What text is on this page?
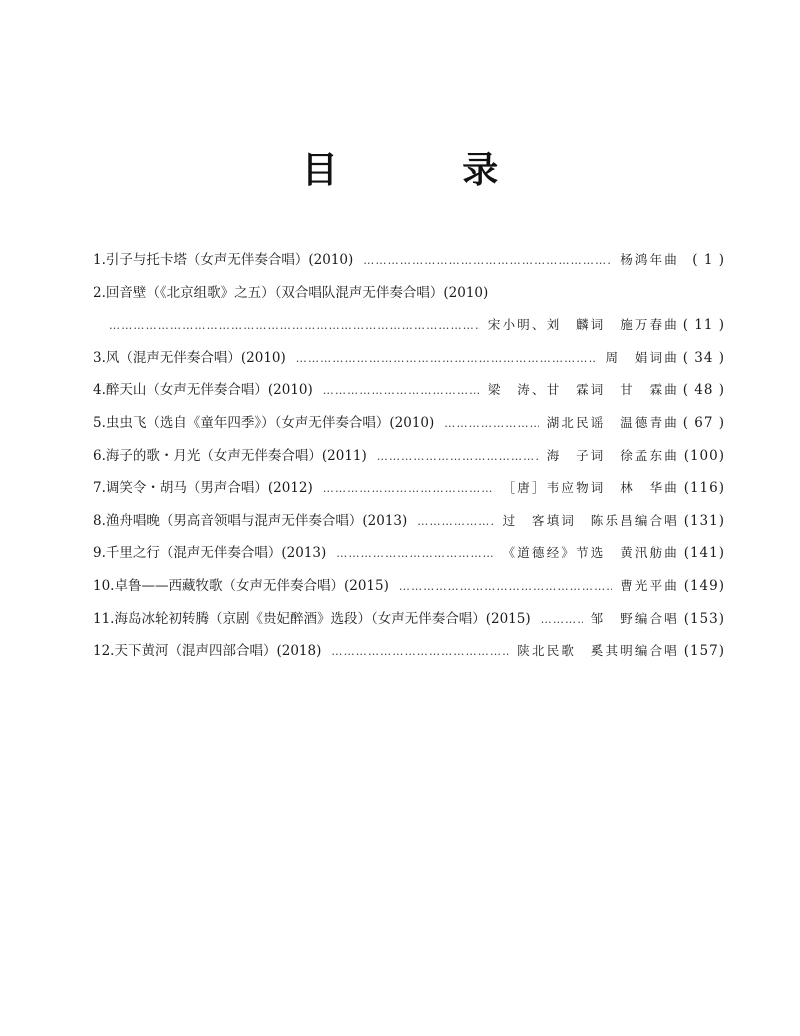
目 录
1. 引子与托卡塔（女声无伴奏合唱）(2010) ……………………………………………………………………………………………………………………………………………………………………………………	杨鸿年曲 ( 1 )
2. 回音壁（《北京组歌》之五）（双合唱队混声无伴奏合唱）(2010)
……………………………………………………………………………………………………………………………………………………………………………………
宋小明、刘　麟词　施万春曲 ( 11 )
3. 风（混声无伴奏合唱）(2010) ……………………………………………………………………………………………………………………………………………………………………………………	周　娟词曲 ( 34 )
4. 醉天山（女声无伴奏合唱）(2010) ……………………………………………………………………………………………………………………………………………………………………………………	梁　涛、甘　霖词　甘　霖曲 ( 48 )
5. 虫虫飞（选自《童年四季》）（女声无伴奏合唱）(2010) ……………………………………………………………………………………………………………………………………………………………………………………	湖北民谣　温德青曲 ( 67 )
6. 海子的歌・月光（女声无伴奏合唱）(2011) ……………………………………………………………………………………………………………………………………………………………………………………	海　子词　徐孟东曲 (100)
7. 调笑令・胡马（男声合唱）(2012) ……………………………………………………………………………………………………………………………………………………………………………………	［唐］韦应物词　林　华曲 (116)
8. 渔舟唱晚（男高音领唱与混声无伴奏合唱）(2013) ……………………………………………………………………………………………………………………………………………………………………………………	过　客填词　陈乐昌编合唱 (131)
9. 千里之行（混声无伴奏合唱）(2013) ……………………………………………………………………………………………………………………………………………………………………………………	《道德经》节选　黄汛舫曲 (141)
10. 卓鲁——西藏牧歌（女声无伴奏合唱）(2015) ……………………………………………………………………………………………………………………………………………………………………………………	曹光平曲 (149)
11. 海岛冰轮初转腾（京剧《贵妃醉酒》选段）（女声无伴奏合唱）(2015) ……………………………………………………………………………………………………………………………………………………………………………………	邹　野编合唱 (153)
12. 天下黄河（混声四部合唱）(2018) ……………………………………………………………………………………………………………………………………………………………………………………	陕北民歌　奚其明编合唱 (157)
